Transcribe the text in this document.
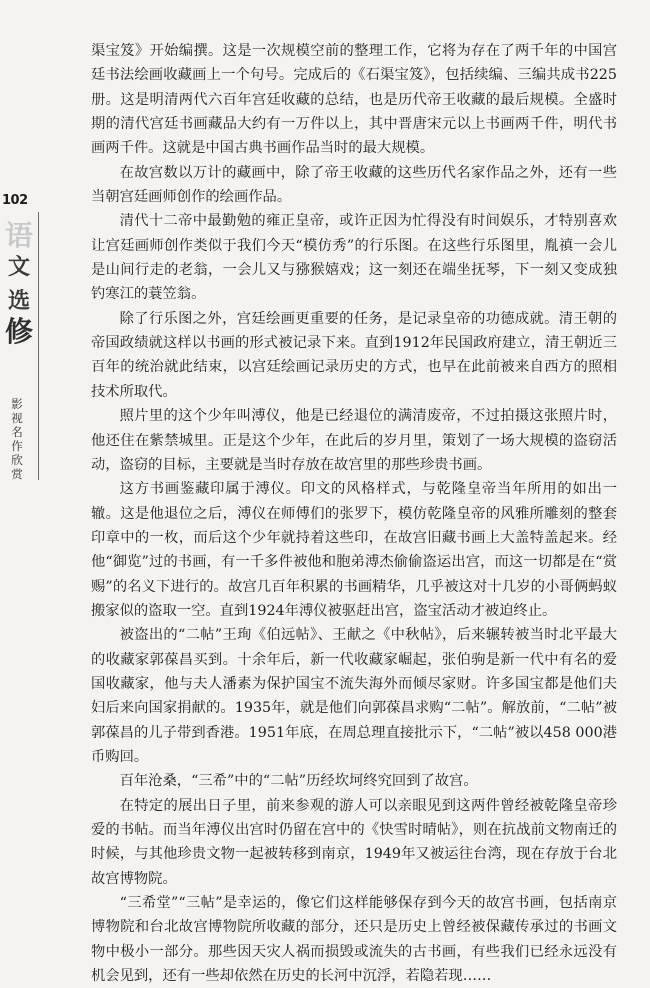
102
语
文
选
修
影视名作欣赏

渠宝笈》开始编撰。这是一次规模空前的整理工作，它将为存在了两千年的中国宫廷书法绘画收藏画上一个句号。完成后的《石渠宝笈》，包括续编、三编共成书225册。这是明清两代六百年宫廷收藏的总结，也是历代帝王收藏的最后规模。全盛时期的清代宫廷书画藏品大约有一万件以上，其中晋唐宋元以上书画两千件，明代书画两千件。这就是中国古典书画作品当时的最大规模。

在故宫数以万计的藏画中，除了帝王收藏的这些历代名家作品之外，还有一些当朝宫廷画师创作的绘画作品。

清代十二帝中最勤勉的雍正皇帝，或许正因为忙得没有时间娱乐，才特别喜欢让宫廷画师创作类似于我们今天“模仿秀”的行乐图。在这些行乐图里，胤禛一会儿是山间行走的老翁，一会儿又与猕猴嬉戏；这一刻还在端坐抚琴，下一刻又变成独钓寒江的蓑笠翁。

除了行乐图之外，宫廷绘画更重要的任务，是记录皇帝的功德成就。清王朝的帝国政绩就这样以书画的形式被记录下来。直到1912年民国政府建立，清王朝近三百年的统治就此结束，以宫廷绘画记录历史的方式，也早在此前被来自西方的照相技术所取代。

照片里的这个少年叫溥仪，他是已经退位的满清废帝，不过拍摄这张照片时，他还住在紫禁城里。正是这个少年，在此后的岁月里，策划了一场大规模的盗窃活动，盗窃的目标，主要就是当时存放在故宫里的那些珍贵书画。

这方书画鉴藏印属于溥仪。印文的风格样式，与乾隆皇帝当年所用的如出一辙。这是他退位之后，溥仪在师傅们的张罗下，模仿乾隆皇帝的风雅所雕刻的整套印章中的一枚，而后这个少年就持着这些印，在故宫旧藏书画上大盖特盖起来。经他“御览”过的书画，有一千多件被他和胞弟溥杰偷偷盗运出宫，而这一切都是在“赏赐”的名义下进行的。故宫几百年积累的书画精华，几乎被这对十几岁的小哥俩蚂蚁搬家似的盗取一空。直到1924年溥仪被驱赶出宫，盗宝活动才被迫终止。

被盗出的“二帖”王珣《伯远帖》、王献之《中秋帖》，后来辗转被当时北平最大的收藏家郭葆昌买到。十余年后，新一代收藏家崛起，张伯驹是新一代中有名的爱国收藏家，他与夫人潘素为保护国宝不流失海外而倾尽家财。许多国宝都是他们夫妇后来向国家捐献的。1935年，就是他们向郭葆昌求购“二帖”。解放前，“二帖”被郭葆昌的儿子带到香港。1951年底，在周总理直接批示下，“二帖”被以458 000港币购回。

百年沧桑，“三希”中的“二帖”历经坎坷终究回到了故宫。

在特定的展出日子里，前来参观的游人可以亲眼见到这两件曾经被乾隆皇帝珍爱的书帖。而当年溥仪出宫时仍留在宫中的《快雪时晴帖》，则在抗战前文物南迁的时候，与其他珍贵文物一起被转移到南京，1949年又被运往台湾，现在存放于台北故宫博物院。

“三希堂”“三帖”是幸运的，像它们这样能够保存到今天的故宫书画，包括南京博物院和台北故宫博物院所收藏的部分，还只是历史上曾经被保藏传承过的书画文物中极小一部分。那些因天灾人祸而损毁或流失的古书画，有些我们已经永远没有机会见到，还有一些却依然在历史的长河中沉浮，若隐若现……
